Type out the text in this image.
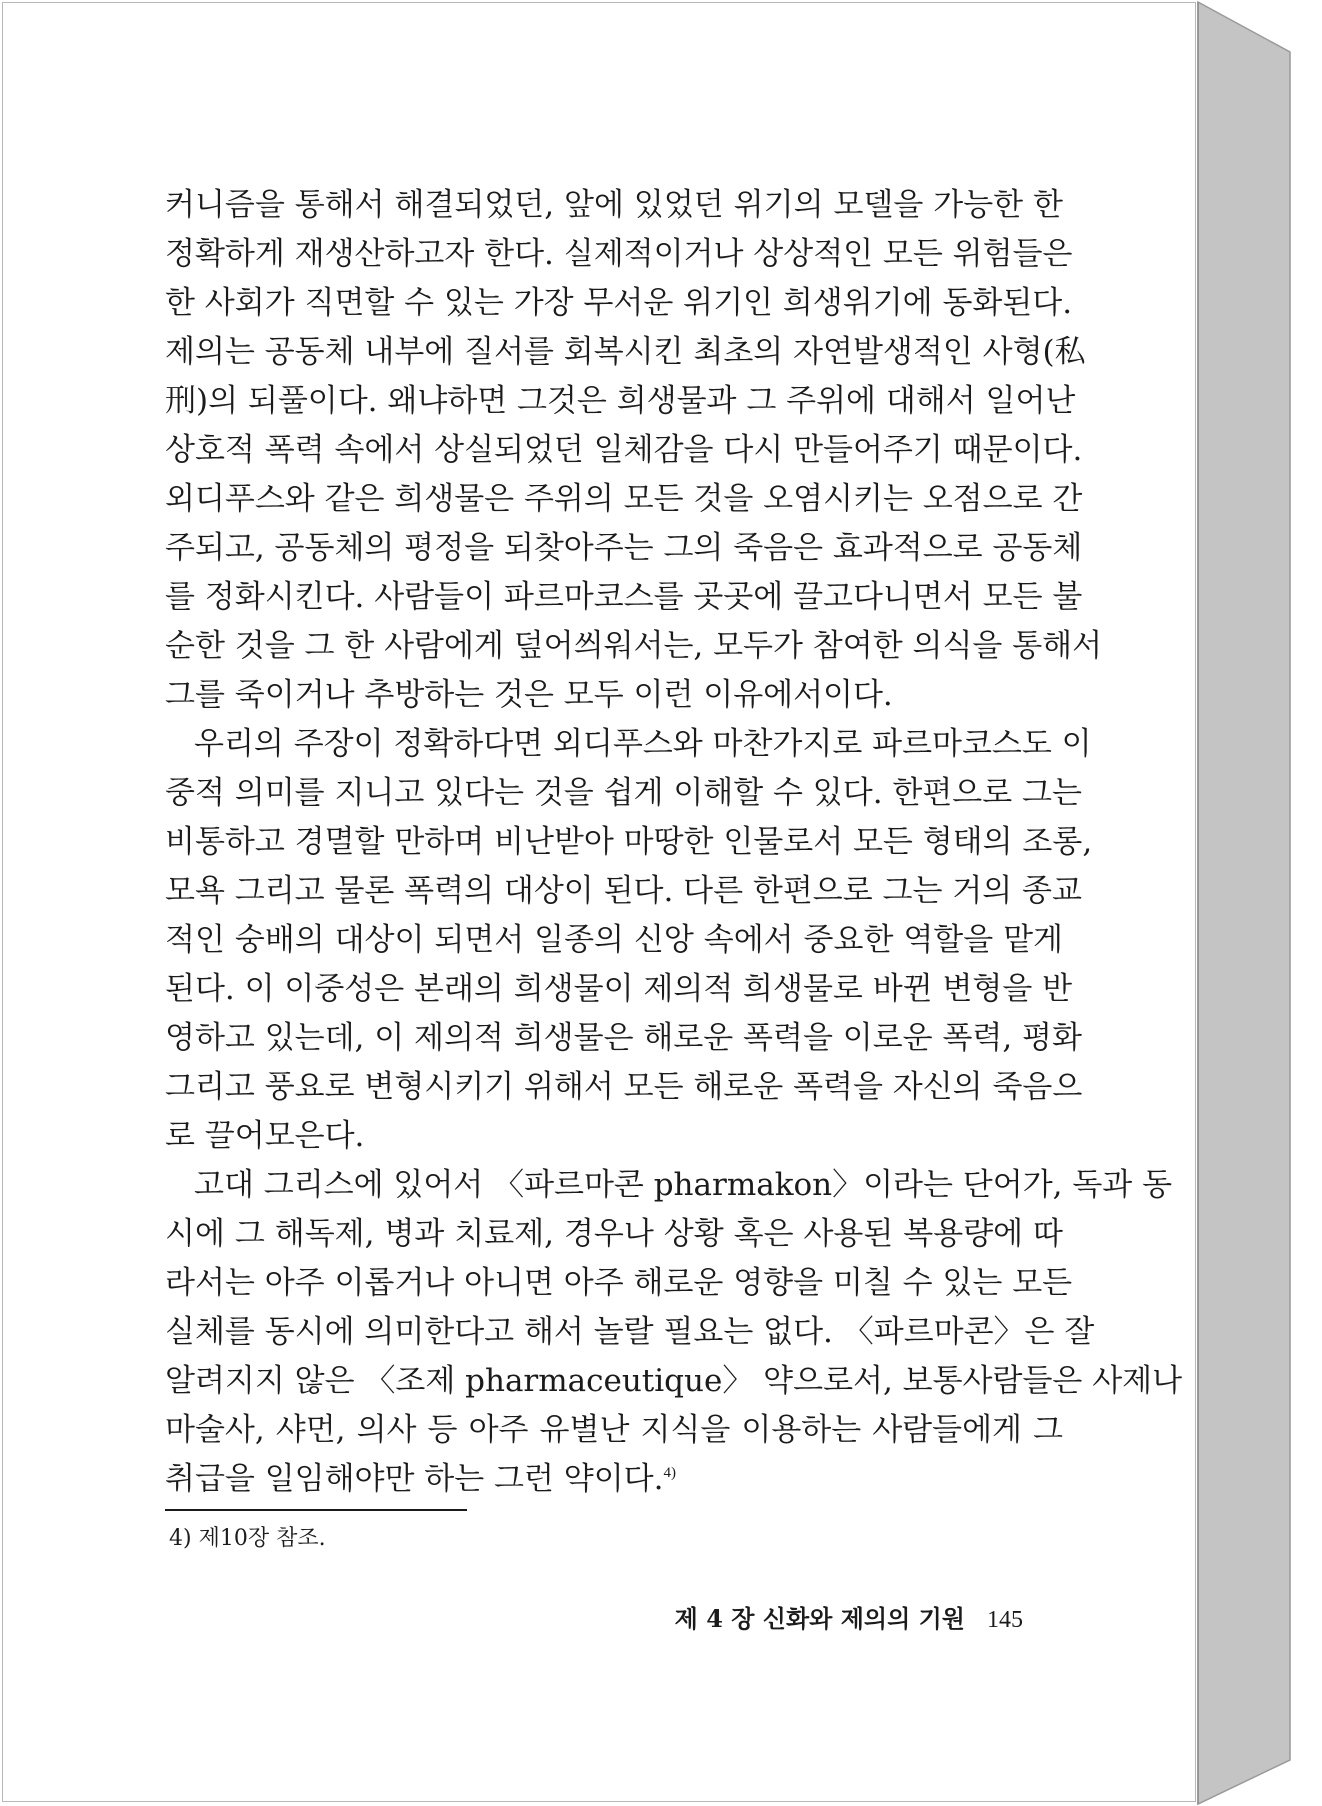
커니즘을 통해서 해결되었던, 앞에 있었던 위기의 모델을 가능한 한
정확하게 재생산하고자 한다. 실제적이거나 상상적인 모든 위험들은
한 사회가 직면할 수 있는 가장 무서운 위기인 희생위기에 동화된다.
제의는 공동체 내부에 질서를 회복시킨 최초의 자연발생적인 사형(私
刑)의 되풀이다. 왜냐하면 그것은 희생물과 그 주위에 대해서 일어난
상호적 폭력 속에서 상실되었던 일체감을 다시 만들어주기 때문이다.
외디푸스와 같은 희생물은 주위의 모든 것을 오염시키는 오점으로 간
주되고, 공동체의 평정을 되찾아주는 그의 죽음은 효과적으로 공동체
를 정화시킨다. 사람들이 파르마코스를 곳곳에 끌고다니면서 모든 불
순한 것을 그 한 사람에게 덮어씌워서는, 모두가 참여한 의식을 통해서
그를 죽이거나 추방하는 것은 모두 이런 이유에서이다.
우리의 주장이 정확하다면 외디푸스와 마찬가지로 파르마코스도 이
중적 의미를 지니고 있다는 것을 쉽게 이해할 수 있다. 한편으로 그는
비통하고 경멸할 만하며 비난받아 마땅한 인물로서 모든 형태의 조롱,
모욕 그리고 물론 폭력의 대상이 된다. 다른 한편으로 그는 거의 종교
적인 숭배의 대상이 되면서 일종의 신앙 속에서 중요한 역할을 맡게
된다. 이 이중성은 본래의 희생물이 제의적 희생물로 바뀐 변형을 반
영하고 있는데, 이 제의적 희생물은 해로운 폭력을 이로운 폭력, 평화
그리고 풍요로 변형시키기 위해서 모든 해로운 폭력을 자신의 죽음으
로 끌어모은다.
고대 그리스에 있어서 〈파르마콘 pharmakon〉이라는 단어가, 독과 동
시에 그 해독제, 병과 치료제, 경우나 상황 혹은 사용된 복용량에 따
라서는 아주 이롭거나 아니면 아주 해로운 영향을 미칠 수 있는 모든
실체를 동시에 의미한다고 해서 놀랄 필요는 없다. 〈파르마콘〉은 잘
알려지지 않은 〈조제 pharmaceutique〉 약으로서, 보통사람들은 사제나
마술사, 샤먼, 의사 등 아주 유별난 지식을 이용하는 사람들에게 그
취급을 일임해야만 하는 그런 약이다.$^{4)}$
4) 제10장 참조.
제 4 장 신화와 제의의 기원 145
